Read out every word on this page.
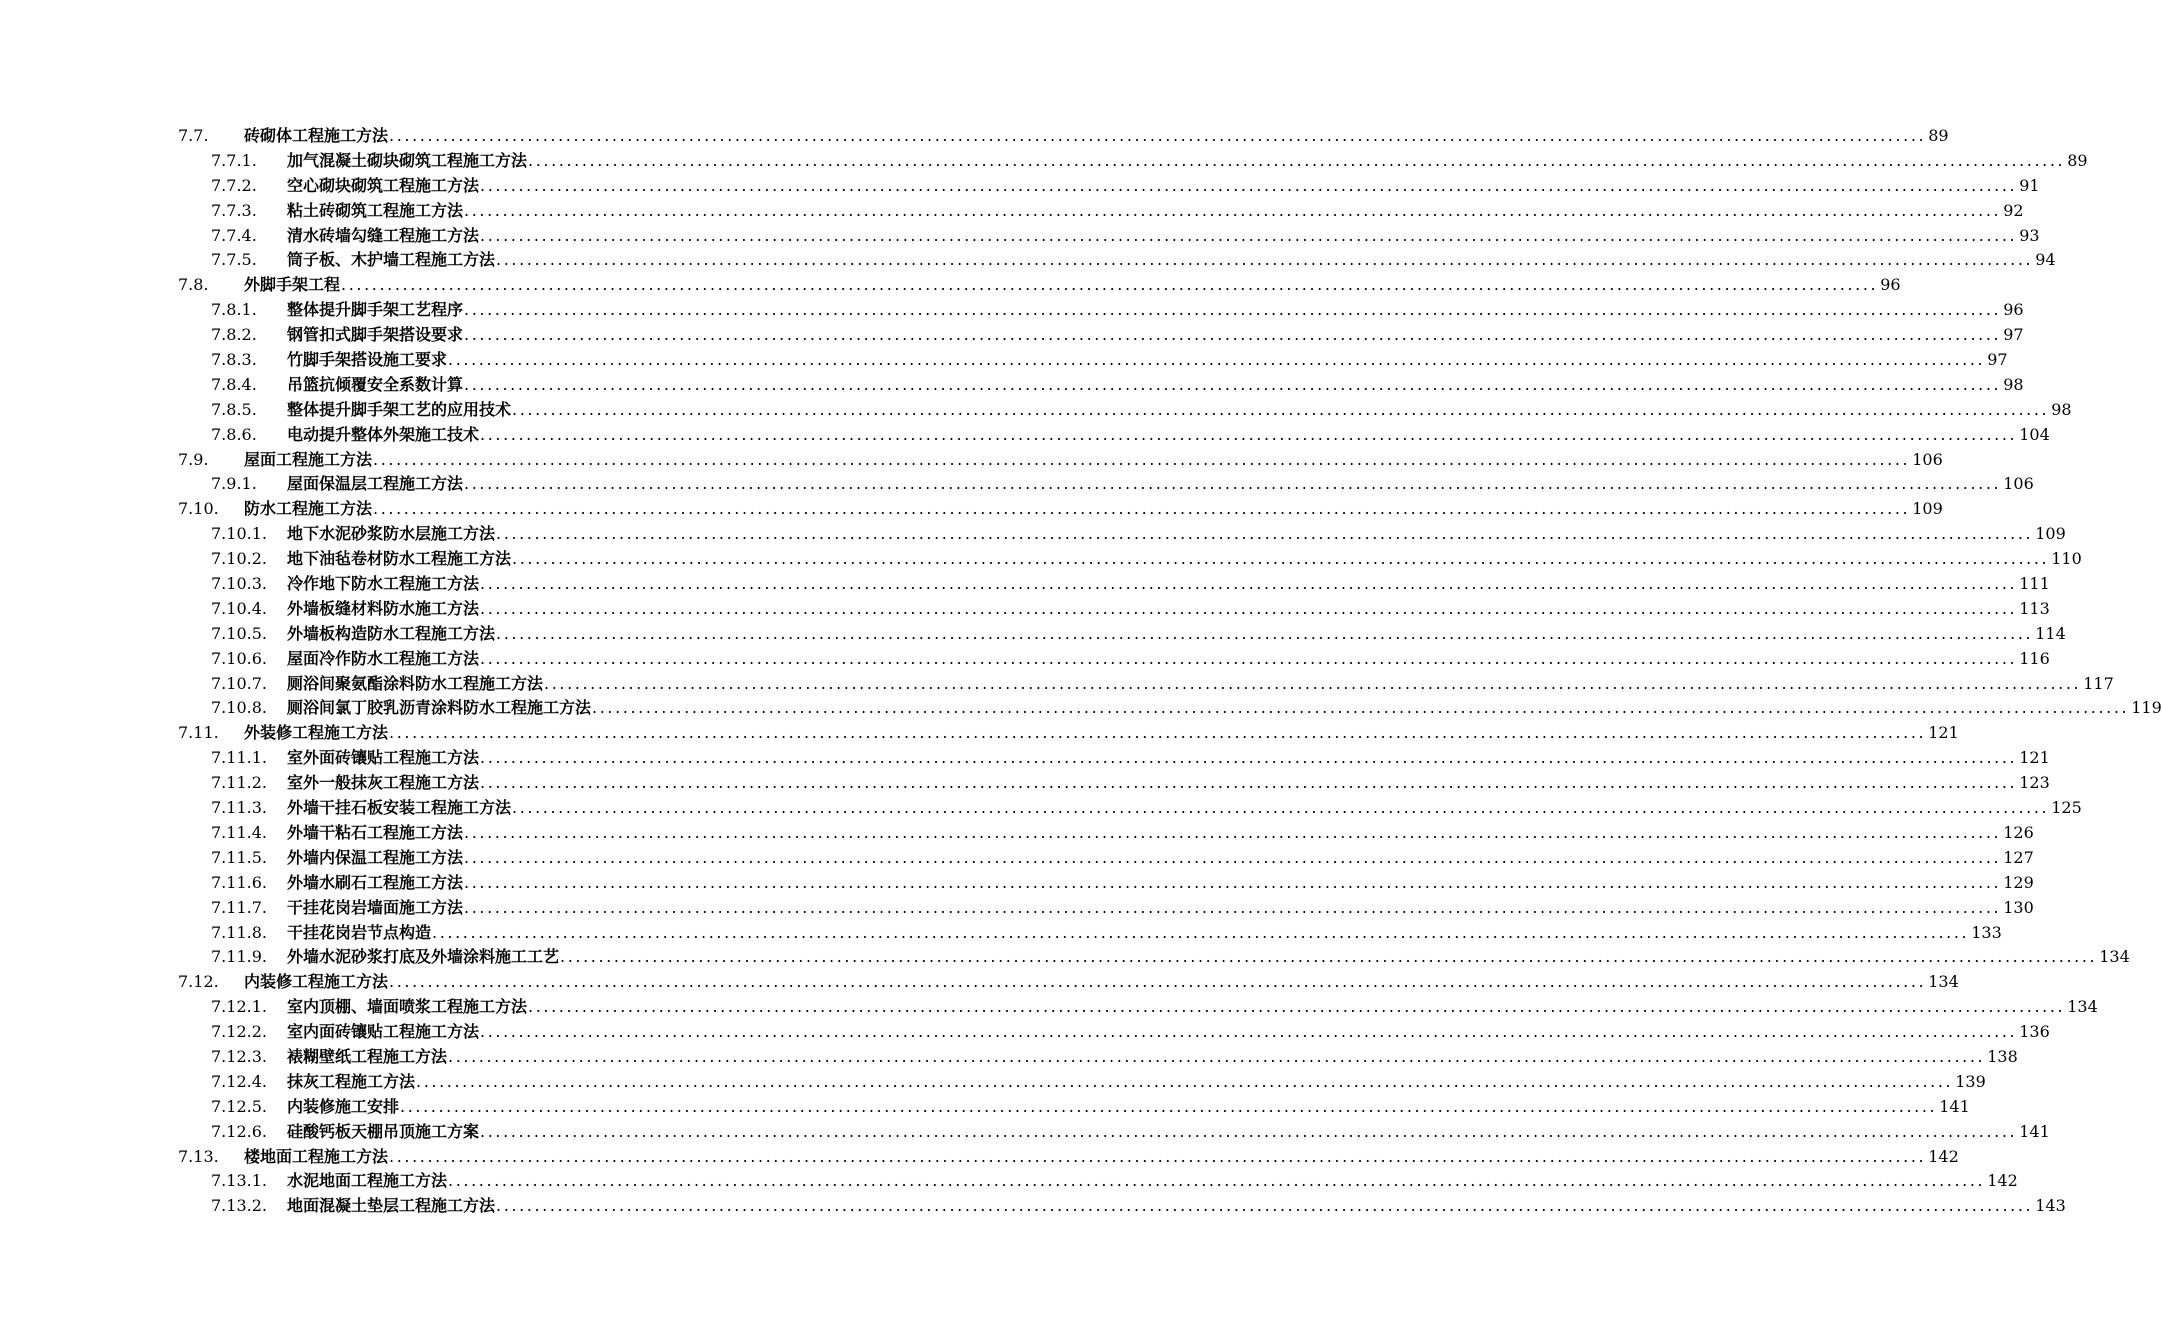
7.7.	砖砌体工程施工方法 ........................................................................................................................................................................................................ 89
7.7.1.	加气混凝土砌块砌筑工程施工方法 ........................................................................................................................................................................................................ 89
7.7.2.	空心砌块砌筑工程施工方法 ........................................................................................................................................................................................................ 91
7.7.3.	粘土砖砌筑工程施工方法 ........................................................................................................................................................................................................ 92
7.7.4.	清水砖墙勾缝工程施工方法 ........................................................................................................................................................................................................ 93
7.7.5.	筒子板、木护墙工程施工方法 ........................................................................................................................................................................................................ 94
7.8.	外脚手架工程 ........................................................................................................................................................................................................ 96
7.8.1.	整体提升脚手架工艺程序 ........................................................................................................................................................................................................ 96
7.8.2.	钢管扣式脚手架搭设要求 ........................................................................................................................................................................................................ 97
7.8.3.	竹脚手架搭设施工要求 ........................................................................................................................................................................................................ 97
7.8.4.	吊篮抗倾覆安全系数计算 ........................................................................................................................................................................................................ 98
7.8.5.	整体提升脚手架工艺的应用技术 ........................................................................................................................................................................................................ 98
7.8.6.	电动提升整体外架施工技术 ........................................................................................................................................................................................................ 104
7.9.	屋面工程施工方法 ........................................................................................................................................................................................................ 106
7.9.1.	屋面保温层工程施工方法 ........................................................................................................................................................................................................ 106
7.10.	防水工程施工方法 ........................................................................................................................................................................................................ 109
7.10.1.	地下水泥砂浆防水层施工方法 ........................................................................................................................................................................................................ 109
7.10.2.	地下油毡卷材防水工程施工方法 ........................................................................................................................................................................................................ 110
7.10.3.	冷作地下防水工程施工方法 ........................................................................................................................................................................................................ 111
7.10.4.	外墙板缝材料防水施工方法 ........................................................................................................................................................................................................ 113
7.10.5.	外墙板构造防水工程施工方法 ........................................................................................................................................................................................................ 114
7.10.6.	屋面冷作防水工程施工方法 ........................................................................................................................................................................................................ 116
7.10.7.	厕浴间聚氨酯涂料防水工程施工方法 ........................................................................................................................................................................................................ 117
7.10.8.	厕浴间氯丁胶乳沥青涂料防水工程施工方法 ........................................................................................................................................................................................................ 119
7.11.	外装修工程施工方法 ........................................................................................................................................................................................................ 121
7.11.1.	室外面砖镶贴工程施工方法 ........................................................................................................................................................................................................ 121
7.11.2.	室外一般抹灰工程施工方法 ........................................................................................................................................................................................................ 123
7.11.3.	外墙干挂石板安装工程施工方法 ........................................................................................................................................................................................................ 125
7.11.4.	外墙干粘石工程施工方法 ........................................................................................................................................................................................................ 126
7.11.5.	外墙内保温工程施工方法 ........................................................................................................................................................................................................ 127
7.11.6.	外墙水刷石工程施工方法 ........................................................................................................................................................................................................ 129
7.11.7.	干挂花岗岩墙面施工方法 ........................................................................................................................................................................................................ 130
7.11.8.	干挂花岗岩节点构造 ........................................................................................................................................................................................................ 133
7.11.9.	外墙水泥砂浆打底及外墙涂料施工工艺 ........................................................................................................................................................................................................ 134
7.12.	内装修工程施工方法 ........................................................................................................................................................................................................ 134
7.12.1.	室内顶棚、墙面喷浆工程施工方法 ........................................................................................................................................................................................................ 134
7.12.2.	室内面砖镶贴工程施工方法 ........................................................................................................................................................................................................ 136
7.12.3.	裱糊壁纸工程施工方法 ........................................................................................................................................................................................................ 138
7.12.4.	抹灰工程施工方法 ........................................................................................................................................................................................................ 139
7.12.5.	内装修施工安排 ........................................................................................................................................................................................................ 141
7.12.6.	硅酸钙板天棚吊顶施工方案 ........................................................................................................................................................................................................ 141
7.13.	楼地面工程施工方法 ........................................................................................................................................................................................................ 142
7.13.1.	水泥地面工程施工方法 ........................................................................................................................................................................................................ 142
7.13.2.	地面混凝土垫层工程施工方法 ........................................................................................................................................................................................................ 143
